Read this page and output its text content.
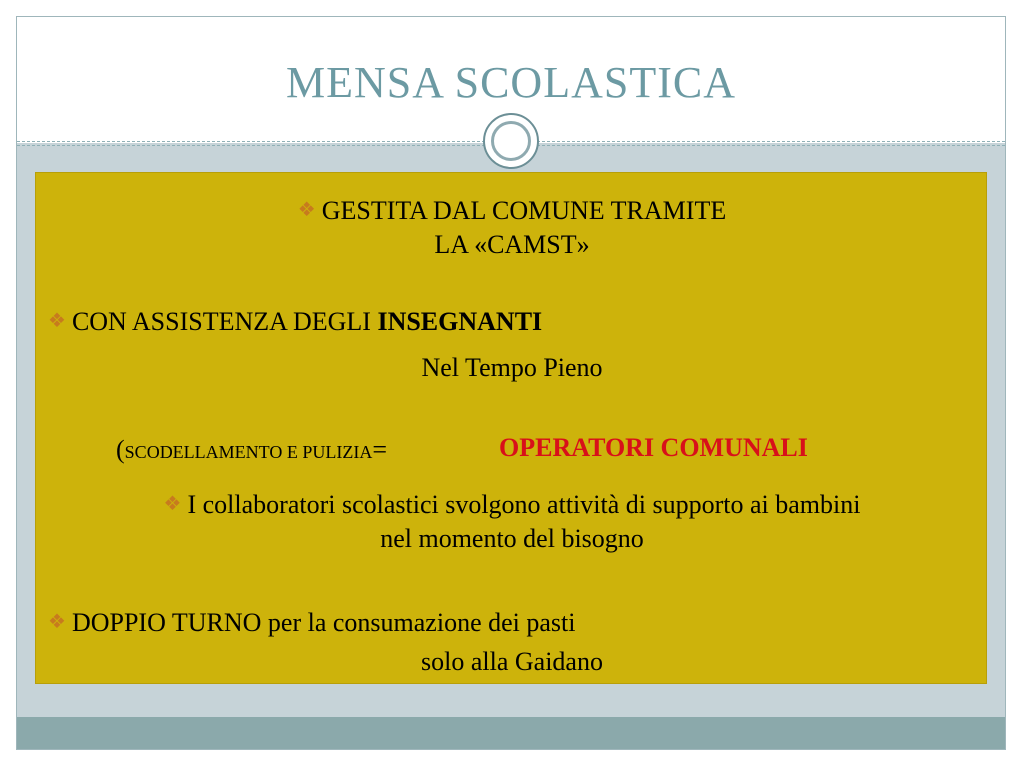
MENSA SCOLASTICA
❖ GESTITA DAL COMUNE TRAMITE
LA «CAMST»
❖ CON ASSISTENZA DEGLI INSEGNANTI
Nel Tempo Pieno
(SCODELLAMENTO E PULIZIA=	OPERATORI COMUNALI
❖ I collaboratori scolastici svolgono attività di supporto ai bambini
nel momento del bisogno
❖ DOPPIO TURNO per la consumazione dei pasti
solo alla Gaidano
